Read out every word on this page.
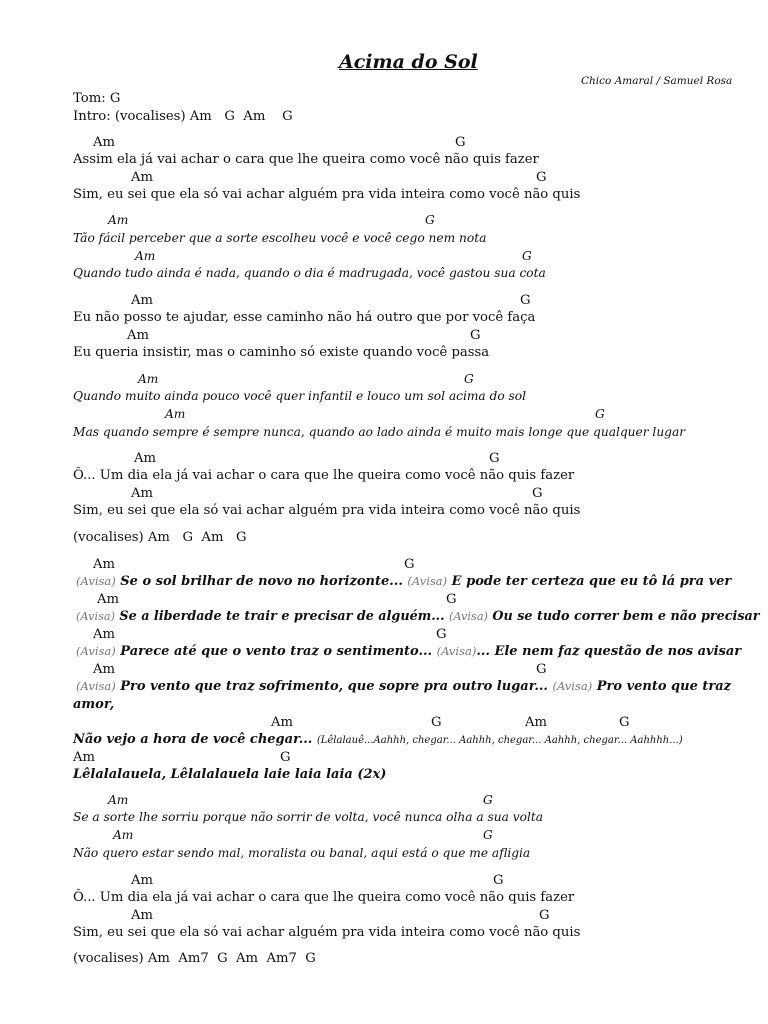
Acima do Sol
Chico Amaral / Samuel Rosa
Tom: G
Intro: (vocalises) Am   G  Am    G
Am	G
Assim ela já vai achar o cara que lhe queira como você não quis fazer
Am	G
Sim, eu sei que ela só vai achar alguém pra vida inteira como você não quis
Am	G
Tão fácil perceber que a sorte escolheu você e você cego nem nota
Am	G
Quando tudo ainda é nada, quando o dia é madrugada, você gastou sua cota
Am	G
Eu não posso te ajudar, esse caminho não há outro que por você faça
Am	G
Eu queria insistir, mas o caminho só existe quando você passa
Am	G
Quando muito ainda pouco você quer infantil e louco um sol acima do sol
Am	G
Mas quando sempre é sempre nunca, quando ao lado ainda é muito mais longe que qualquer lugar
Am	G
Ô... Um dia ela já vai achar o cara que lhe queira como você não quis fazer
Am	G
Sim, eu sei que ela só vai achar alguém pra vida inteira como você não quis
(vocalises) Am   G  Am   G
Am	G
(Avisa) Se o sol brilhar de novo no horizonte... (Avisa) E pode ter certeza que eu tô lá pra ver
Am	G
(Avisa) Se a liberdade te trair e precisar de alguém... (Avisa) Ou se tudo correr bem e não precisar
Am	G
(Avisa) Parece até que o vento traz o sentimento... (Avisa)... Ele nem faz questão de nos avisar
Am	G
(Avisa) Pro vento que traz sofrimento, que sopre pra outro lugar... (Avisa) Pro vento que traz
amor,
Am	G	Am	G
Não vejo a hora de você chegar... (Lêlalauê...Aahhh, chegar... Aahhh, chegar... Aahhh, chegar... Aahhhh...)
Am	G
Lêlalalauela, Lêlalalauela laie laia laia (2x)
Am	G
Se a sorte lhe sorriu porque não sorrir de volta, você nunca olha a sua volta
Am	G
Não quero estar sendo mal, moralista ou banal, aqui está o que me afligia
Am	G
Ô... Um dia ela já vai achar o cara que lhe queira como você não quis fazer
Am	G
Sim, eu sei que ela só vai achar alguém pra vida inteira como você não quis
(vocalises) Am  Am7  G  Am  Am7  G
